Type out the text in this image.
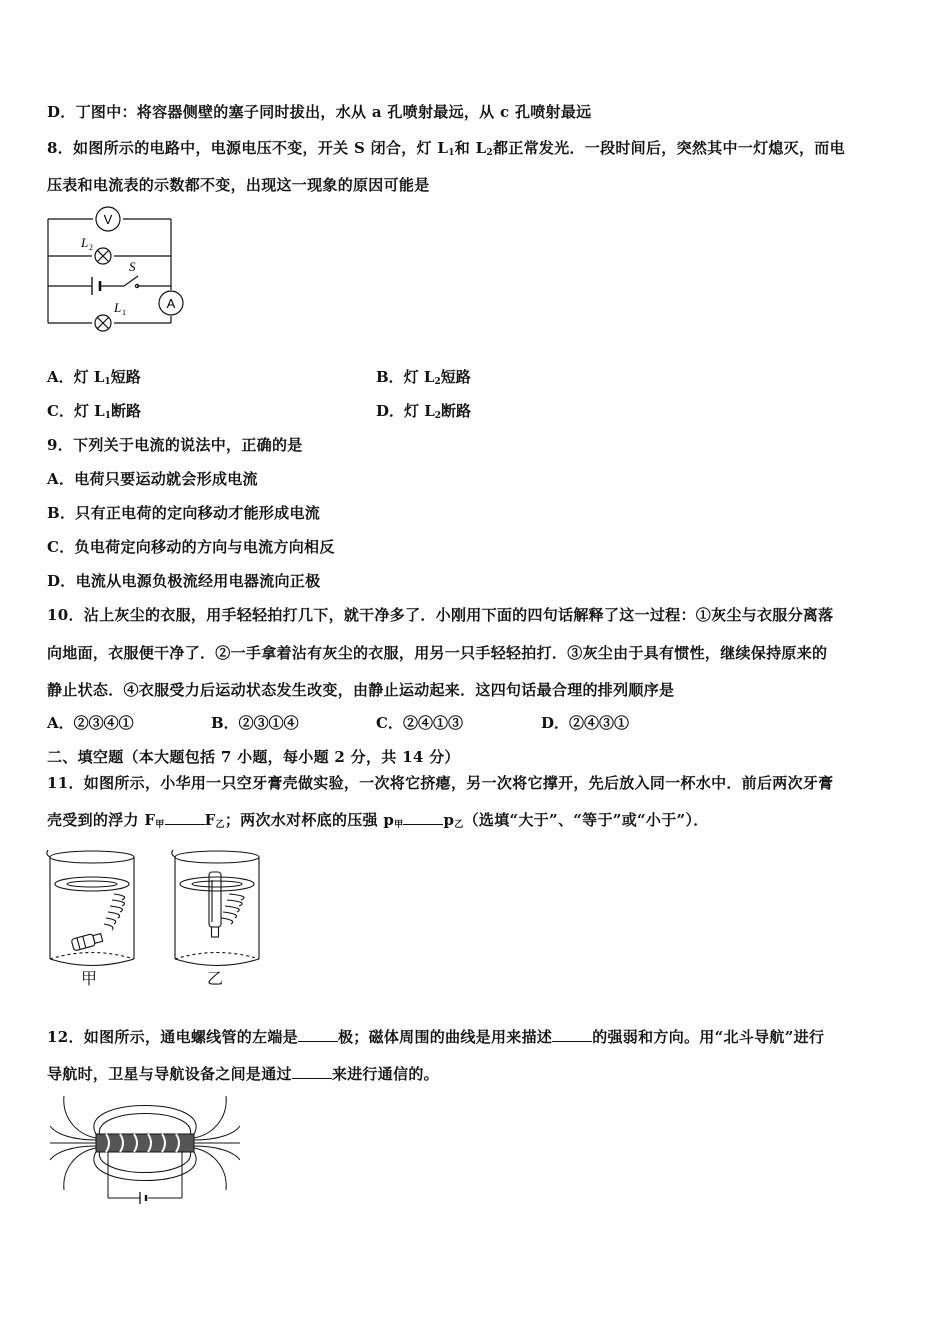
D．丁图中：将容器侧壁的塞子同时拔出，水从 a 孔喷射最远，从 c 孔喷射最远
8．如图所示的电路中，电源电压不变，开关 S 闭合，灯 $L_1$和 $L_2$都正常发光．一段时间后，突然其中一灯熄灭，而电
压表和电流表的示数都不变，出现这一现象的原因可能是
V
A
L 2
L 1
S
A．灯 $L_1$短路	B．灯 $L_2$短路
C．灯 $L_1$断路	D．灯 $L_2$断路
9．下列关于电流的说法中，正确的是
A．电荷只要运动就会形成电流
B．只有正电荷的定向移动才能形成电流
C．负电荷定向移动的方向与电流方向相反
D．电流从电源负极流经用电器流向正极
10．沾上灰尘的衣服，用手轻轻拍打几下，就干净多了．小刚用下面的四句话解释了这一过程：①灰尘与衣服分离落
向地面，衣服便干净了．②一手拿着沾有灰尘的衣服，用另一只手轻轻拍打．③灰尘由于具有惯性，继续保持原来的
静止状态．④衣服受力后运动状态发生改变，由静止运动起来．这四句话最合理的排列顺序是
A．②③④①	B．②③①④	C．②④①③	D．②④③①
二、填空题（本大题包括 7 小题，每小题 2 分，共 14 分）
11．如图所示，小华用一只空牙膏壳做实验，一次将它挤瘪，另一次将它撑开，先后放入同一杯水中．前后两次牙膏
壳受到的浮力 $F_甲$	$F_乙$；两次水对杯底的压强 $p_甲$	$p_乙$（选填“大于”、“等于”或“小于”）．
甲	乙
12．如图所示，通电螺线管的左端是	极；磁体周围的曲线是用来描述	的强弱和方向。用“北斗导航”进行
导航时，卫星与导航设备之间是通过	来进行通信的。
